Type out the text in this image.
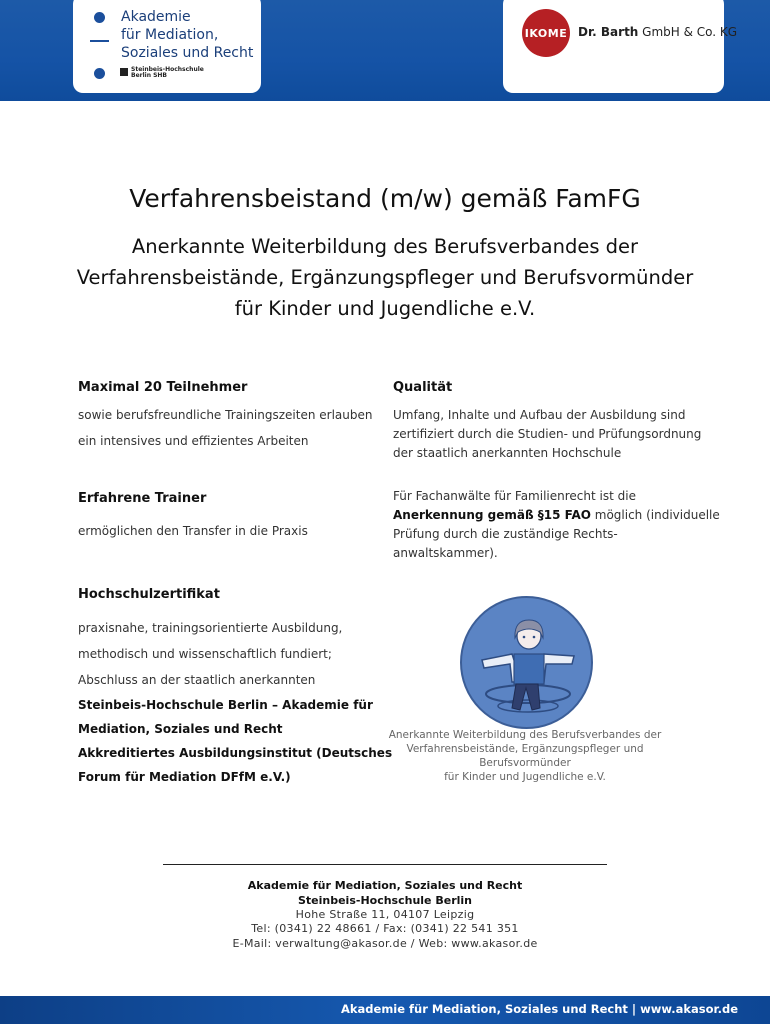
Akademie
für Mediation,
Soziales und Recht
Steinbeis-Hochschule
Berlin SHB
IKOME Dr. Barth GmbH & Co. KG
Verfahrensbeistand (m/w) gemäß FamFG
Anerkannte Weiterbildung des Berufsverbandes der
Verfahrensbeistände, Ergänzungspfleger und Berufsvormünder
für Kinder und Jugendliche e.V.
Maximal 20 Teilnehmer
sowie berufsfreundliche Trainingszeiten erlauben
ein intensives und effizientes Arbeiten
Erfahrene Trainer
ermöglichen den Transfer in die Praxis
Hochschulzertifikat
praxisnahe, trainingsorientierte Ausbildung,
methodisch und wissenschaftlich fundiert;
Abschluss an der staatlich anerkannten
Steinbeis-Hochschule Berlin – Akademie für
Mediation, Soziales und Recht
Akkreditiertes Ausbildungsinstitut (Deutsches
Forum für Mediation DFfM e.V.)
Qualität
Umfang, Inhalte und Aufbau der Ausbildung sind
zertifiziert durch die Studien- und Prüfungsordnung
der staatlich anerkannten Hochschule
Für Fachanwälte für Familienrecht ist die
Anerkennung gemäß §15 FAO möglich (individuelle
Prüfung durch die zuständige Rechts-
anwaltskammer).
Anerkannte Weiterbildung des Berufsverbandes der
Verfahrensbeistände, Ergänzungspfleger und Berufsvormünder
für Kinder und Jugendliche e.V.
Akademie für Mediation, Soziales und Recht
Steinbeis-Hochschule Berlin
Hohe Straße 11, 04107 Leipzig
Tel: (0341) 22 48661 / Fax: (0341) 22 541 351
E-Mail: verwaltung@akasor.de / Web: www.akasor.de
Akademie für Mediation, Soziales und Recht | www.akasor.de
